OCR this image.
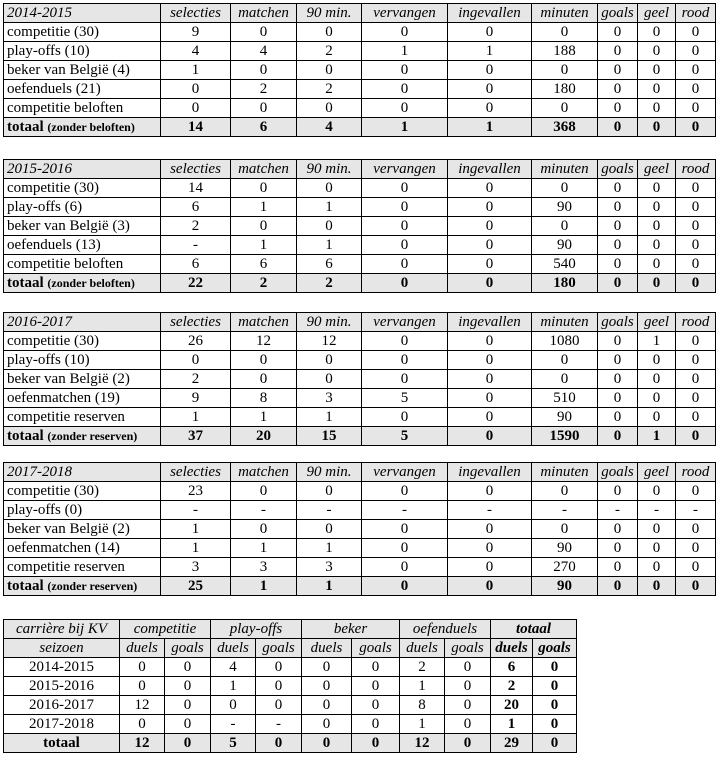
2014-2015	selecties	matchen	90 min.	vervangen	ingevallen	minuten	goals	geel	rood
competitie (30)	9	0	0	0	0	0	0	0	0
play-offs (10)	4	4	2	1	1	188	0	0	0
beker van België (4)	1	0	0	0	0	0	0	0	0
oefenduels (21)	0	2	2	0	0	180	0	0	0
competitie beloften	0	0	0	0	0	0	0	0	0
totaal (zonder beloften)	14	6	4	1	1	368	0	0	0
2015-2016	selecties	matchen	90 min.	vervangen	ingevallen	minuten	goals	geel	rood
competitie (30)	14	0	0	0	0	0	0	0	0
play-offs (6)	6	1	1	0	0	90	0	0	0
beker van België (3)	2	0	0	0	0	0	0	0	0
oefenduels (13)	-	1	1	0	0	90	0	0	0
competitie beloften	6	6	6	0	0	540	0	0	0
totaal (zonder beloften)	22	2	2	0	0	180	0	0	0
2016-2017	selecties	matchen	90 min.	vervangen	ingevallen	minuten	goals	geel	rood
competitie (30)	26	12	12	0	0	1080	0	1	0
play-offs (10)	0	0	0	0	0	0	0	0	0
beker van België (2)	2	0	0	0	0	0	0	0	0
oefenmatchen (19)	9	8	3	5	0	510	0	0	0
competitie reserven	1	1	1	0	0	90	0	0	0
totaal (zonder reserven)	37	20	15	5	0	1590	0	1	0
2017-2018	selecties	matchen	90 min.	vervangen	ingevallen	minuten	goals	geel	rood
competitie (30)	23	0	0	0	0	0	0	0	0
play-offs (0)	-	-	-	-	-	-	-	-	-
beker van België (2)	1	0	0	0	0	0	0	0	0
oefenmatchen (14)	1	1	1	0	0	90	0	0	0
competitie reserven	3	3	3	0	0	270	0	0	0
totaal (zonder reserven)	25	1	1	0	0	90	0	0	0
carrière bij KV	competitie		play-offs		beker		oefenduels		totaal	
seizoen	duels	goals	duels	goals	duels	goals	duels	goals	duels	goals
2014-2015	0	0	4	0	0	0	2	0	6	0
2015-2016	0	0	1	0	0	0	1	0	2	0
2016-2017	12	0	0	0	0	0	8	0	20	0
2017-2018	0	0	-	-	0	0	1	0	1	0
totaal	12	0	5	0	0	0	12	0	29	0
